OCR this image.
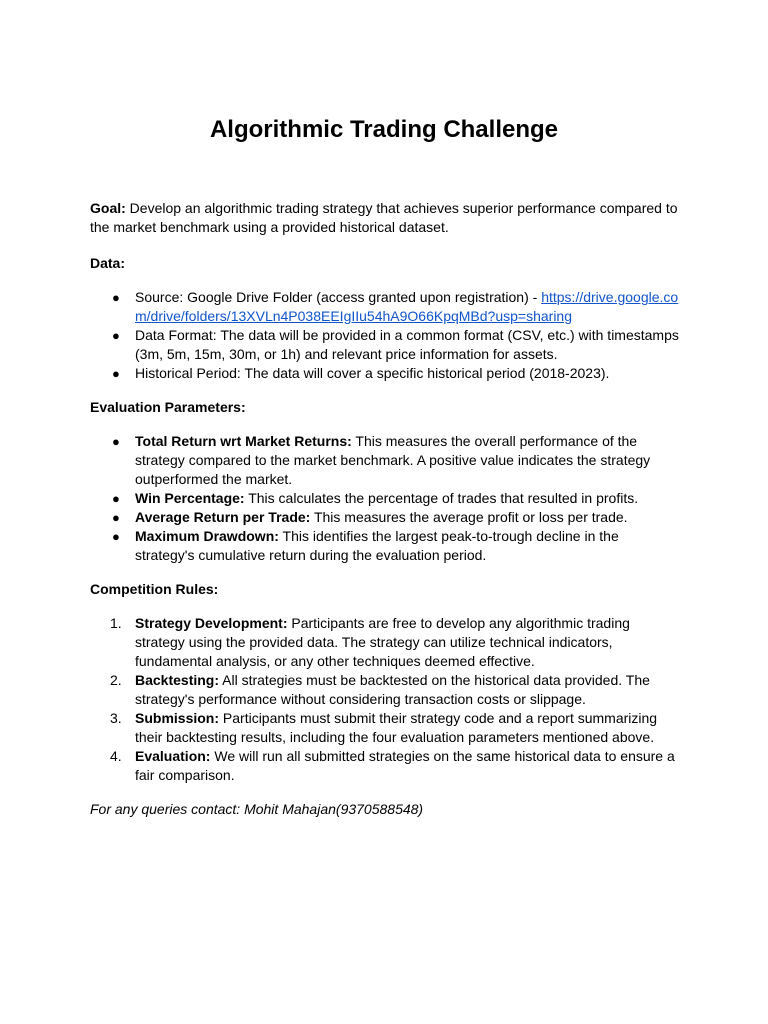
Algorithmic Trading Challenge

Goal: Develop an algorithmic trading strategy that achieves superior performance compared to the market benchmark using a provided historical dataset.

Data:

● Source: Google Drive Folder (access granted upon registration) - https://drive.google.com/drive/folders/13XVLn4P038EEIgIIu54hA9O66KpqMBd?usp=sharing
● Data Format: The data will be provided in a common format (CSV, etc.) with timestamps (3m, 5m, 15m, 30m, or 1h) and relevant price information for assets.
● Historical Period: The data will cover a specific historical period (2018-2023).

Evaluation Parameters:

● Total Return wrt Market Returns: This measures the overall performance of the strategy compared to the market benchmark. A positive value indicates the strategy outperformed the market.
● Win Percentage: This calculates the percentage of trades that resulted in profits.
● Average Return per Trade: This measures the average profit or loss per trade.
● Maximum Drawdown: This identifies the largest peak-to-trough decline in the strategy's cumulative return during the evaluation period.

Competition Rules:

1. Strategy Development: Participants are free to develop any algorithmic trading strategy using the provided data. The strategy can utilize technical indicators, fundamental analysis, or any other techniques deemed effective.
2. Backtesting: All strategies must be backtested on the historical data provided. The strategy's performance without considering transaction costs or slippage.
3. Submission: Participants must submit their strategy code and a report summarizing their backtesting results, including the four evaluation parameters mentioned above.
4. Evaluation: We will run all submitted strategies on the same historical data to ensure a fair comparison.

For any queries contact: Mohit Mahajan(9370588548)
